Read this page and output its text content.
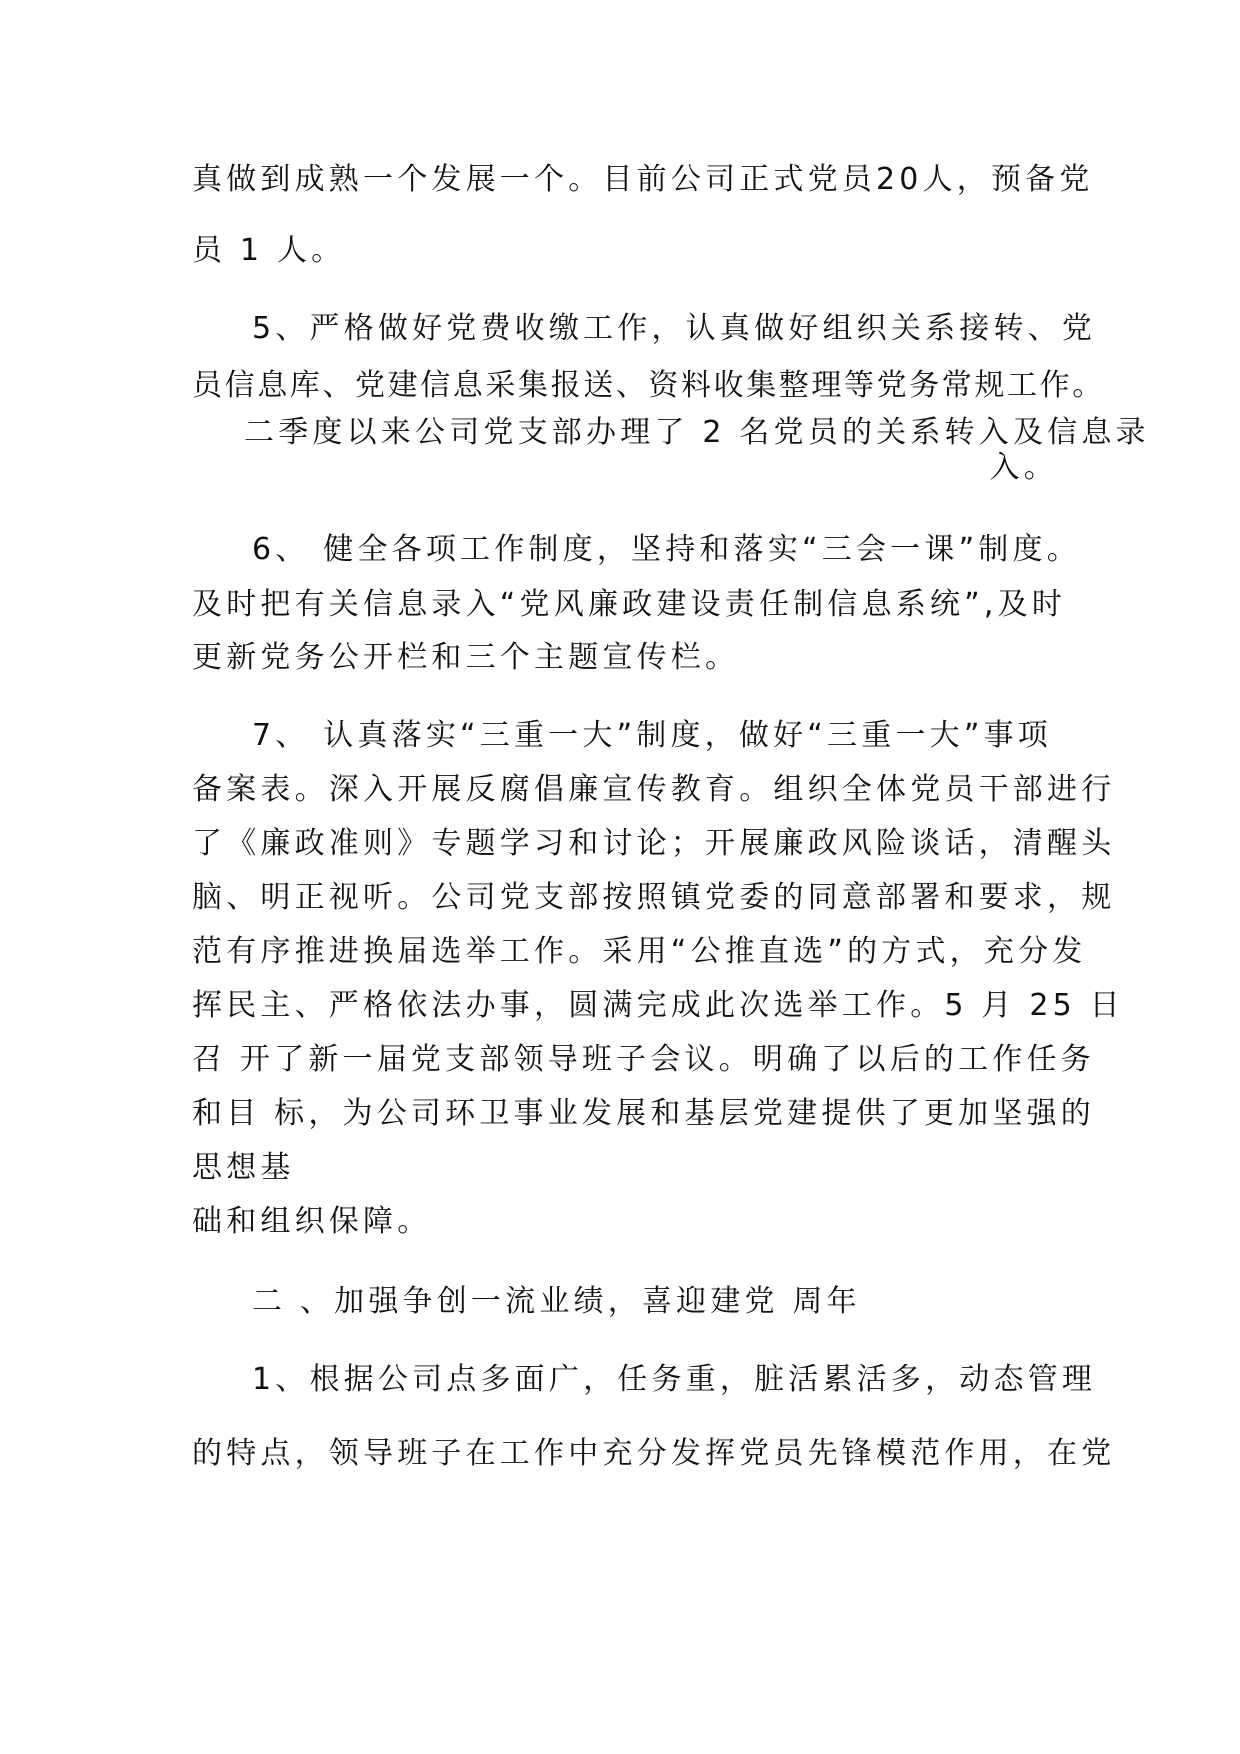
真做到成熟一个发展一个。目前公司正式党员20人，预备党
员 1 人。
5、严格做好党费收缴工作，认真做好组织关系接转、党
员信息库、党建信息采集报送、资料收集整理等党务常规工作。
二季度以来公司党支部办理了 2 名党员的关系转入及信息录
入。
6、 健全各项工作制度，坚持和落实“三会一课”制度。
及时把有关信息录入“党风廉政建设责任制信息系统”,及时
更新党务公开栏和三个主题宣传栏。
7、 认真落实“三重一大”制度，做好“三重一大”事项
备案表。深入开展反腐倡廉宣传教育。组织全体党员干部进行
了《廉政准则》专题学习和讨论；开展廉政风险谈话，清醒头
脑、明正视听。公司党支部按照镇党委的同意部署和要求，规
范有序推进换届选举工作。采用“公推直选”的方式，充分发
挥民主、严格依法办事，圆满完成此次选举工作。5 月 25 日
召 开了新一届党支部领导班子会议。明确了以后的工作任务
和目 标，为公司环卫事业发展和基层党建提供了更加坚强的
思想基
础和组织保障。
二 、加强争创一流业绩，喜迎建党 周年
1、根据公司点多面广，任务重，脏活累活多，动态管理
的特点，领导班子在工作中充分发挥党员先锋模范作用，在党
